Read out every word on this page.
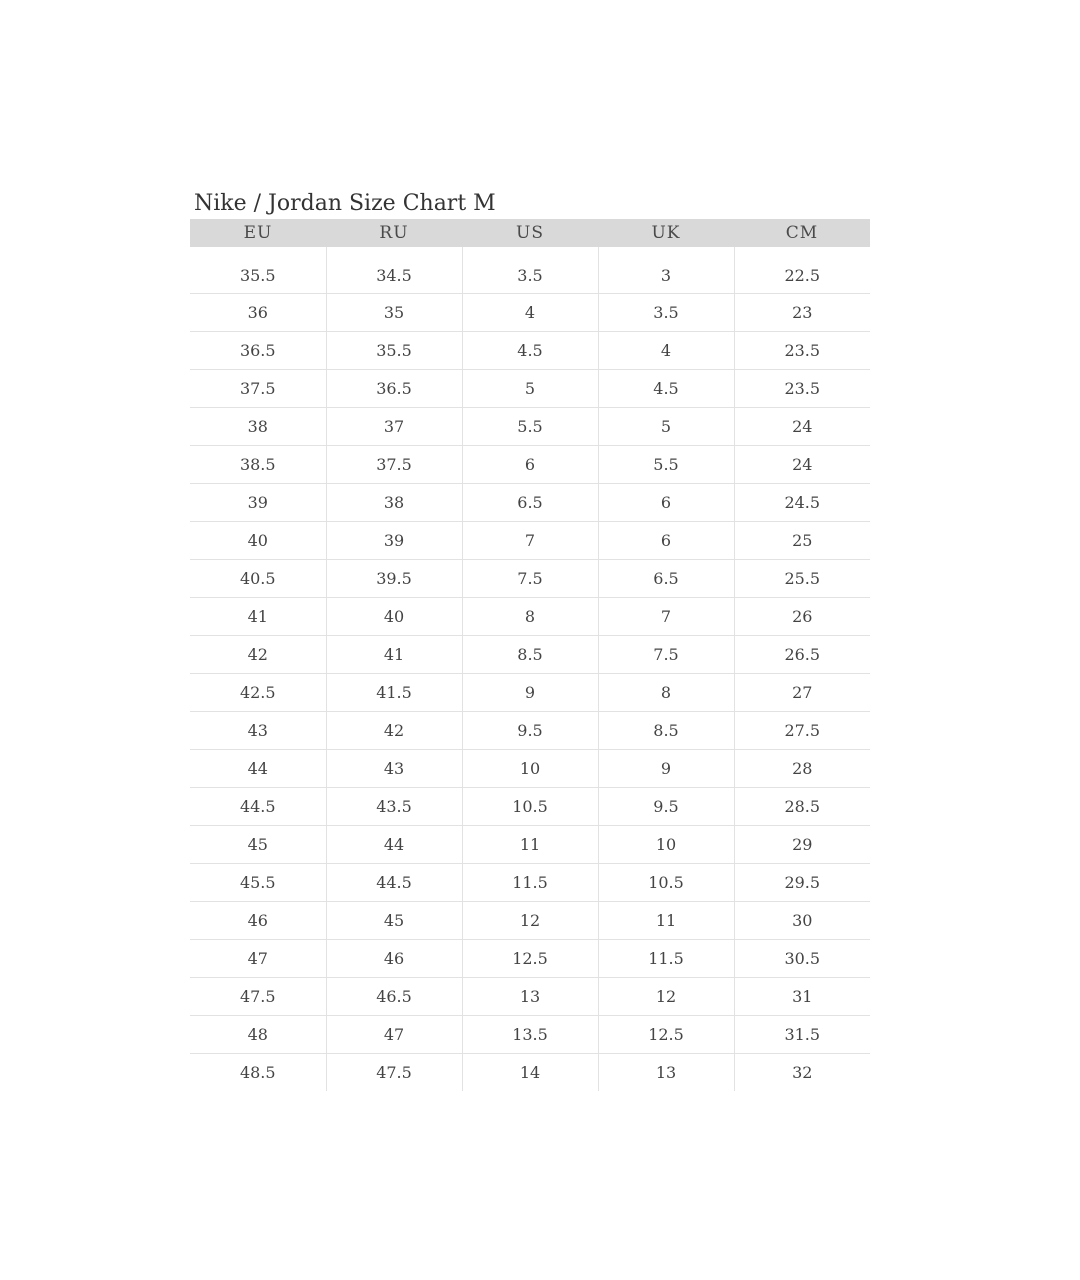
Nike / Jordan Size Chart M
EU	RU	US	UK	CM
35.5	34.5	3.5	3	22.5
36	35	4	3.5	23
36.5	35.5	4.5	4	23.5
37.5	36.5	5	4.5	23.5
38	37	5.5	5	24
38.5	37.5	6	5.5	24
39	38	6.5	6	24.5
40	39	7	6	25
40.5	39.5	7.5	6.5	25.5
41	40	8	7	26
42	41	8.5	7.5	26.5
42.5	41.5	9	8	27
43	42	9.5	8.5	27.5
44	43	10	9	28
44.5	43.5	10.5	9.5	28.5
45	44	11	10	29
45.5	44.5	11.5	10.5	29.5
46	45	12	11	30
47	46	12.5	11.5	30.5
47.5	46.5	13	12	31
48	47	13.5	12.5	31.5
48.5	47.5	14	13	32
